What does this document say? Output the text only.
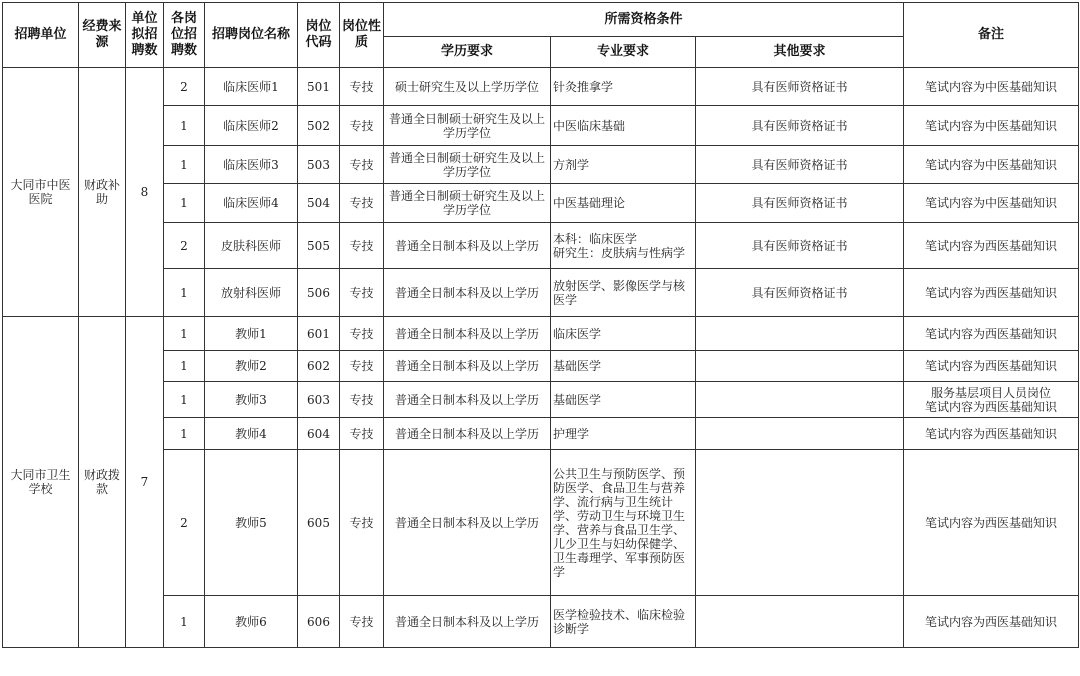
招聘单位	经费来源	单位拟招聘数	各岗位招聘数	招聘岗位名称	岗位代码	岗位性质	所需资格条件			备注
							学历要求	专业要求	其他要求	
大同市中医医院	财政补助	8	2	临床医师1	501	专技	硕士研究生及以上学历学位	针灸推拿学	具有医师资格证书	笔试内容为中医基础知识
			1	临床医师2	502	专技	普通全日制硕士研究生及以上学历学位	中医临床基础	具有医师资格证书	笔试内容为中医基础知识
			1	临床医师3	503	专技	普通全日制硕士研究生及以上学历学位	方剂学	具有医师资格证书	笔试内容为中医基础知识
			1	临床医师4	504	专技	普通全日制硕士研究生及以上学历学位	中医基础理论	具有医师资格证书	笔试内容为中医基础知识
			2	皮肤科医师	505	专技	普通全日制本科及以上学历	本科：临床医学
研究生：皮肤病与性病学	具有医师资格证书	笔试内容为西医基础知识
			1	放射科医师	506	专技	普通全日制本科及以上学历	放射医学、影像医学与核医学	具有医师资格证书	笔试内容为西医基础知识
大同市卫生学校	财政拨款	7	1	教师1	601	专技	普通全日制本科及以上学历	临床医学		笔试内容为西医基础知识
			1	教师2	602	专技	普通全日制本科及以上学历	基础医学		笔试内容为西医基础知识
			1	教师3	603	专技	普通全日制本科及以上学历	基础医学		服务基层项目人员岗位
笔试内容为西医基础知识
			1	教师4	604	专技	普通全日制本科及以上学历	护理学		笔试内容为西医基础知识
			2	教师5	605	专技	普通全日制本科及以上学历	公共卫生与预防医学、预防医学、食品卫生与营养学、流行病与卫生统计学、劳动卫生与环境卫生学、营养与食品卫生学、儿少卫生与妇幼保健学、卫生毒理学、军事预防医学		笔试内容为西医基础知识
			1	教师6	606	专技	普通全日制本科及以上学历	医学检验技术、临床检验诊断学		笔试内容为西医基础知识
